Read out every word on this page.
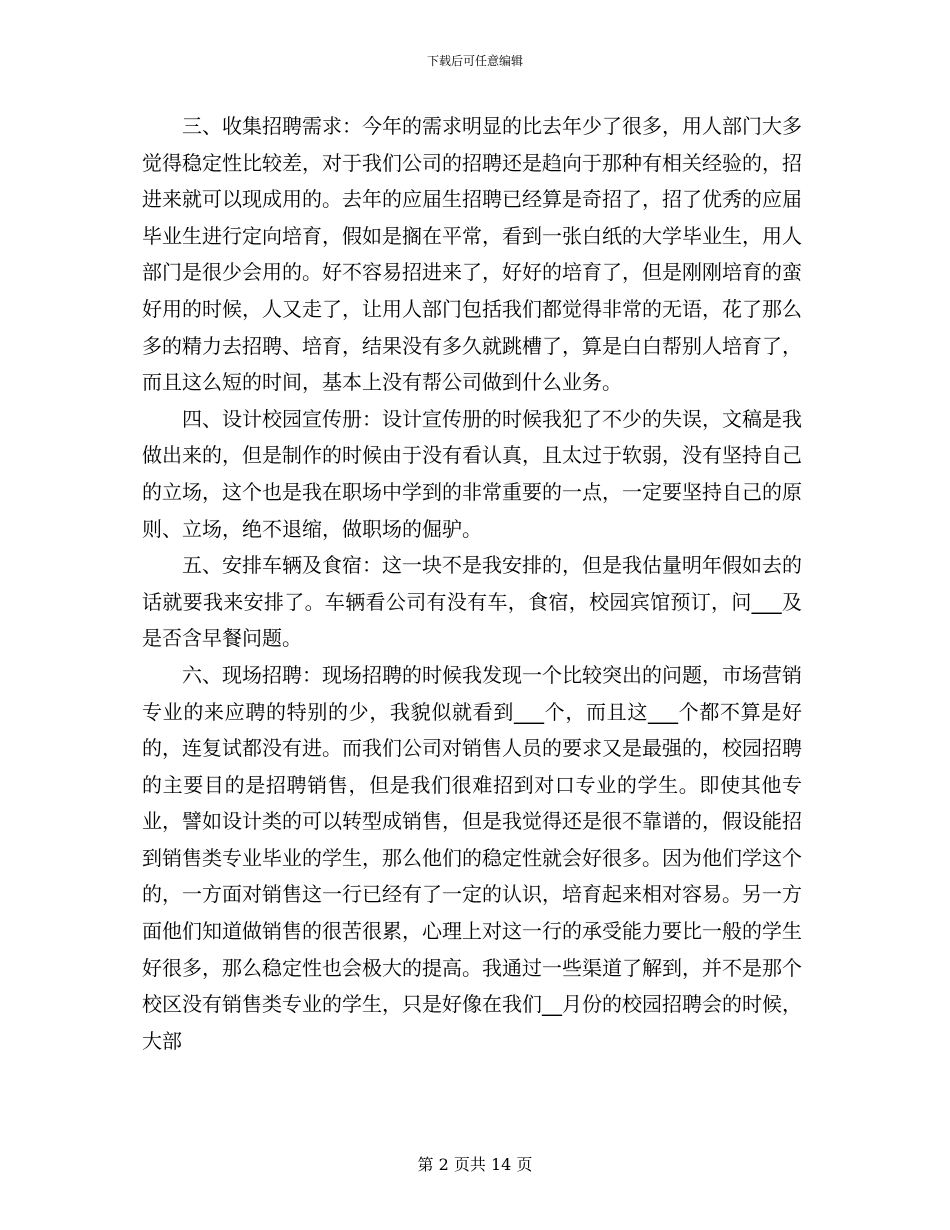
下载后可任意编辑

三、收集招聘需求：今年的需求明显的比去年少了很多，用人部门大多觉得稳定性比较差，对于我们公司的招聘还是趋向于那种有相关经验的，招进来就可以现成用的。去年的应届生招聘已经算是奇招了，招了优秀的应届毕业生进行定向培育，假如是搁在平常，看到一张白纸的大学毕业生，用人部门是很少会用的。好不容易招进来了，好好的培育了，但是刚刚培育的蛮好用的时候，人又走了，让用人部门包括我们都觉得非常的无语，花了那么多的精力去招聘、培育，结果没有多久就跳槽了，算是白白帮别人培育了，而且这么短的时间，基本上没有帮公司做到什么业务。

四、设计校园宣传册：设计宣传册的时候我犯了不少的失误，文稿是我做出来的，但是制作的时候由于没有看认真，且太过于软弱，没有坚持自己的立场，这个也是我在职场中学到的非常重要的一点，一定要坚持自己的原则、立场，绝不退缩，做职场的倔驴。

五、安排车辆及食宿：这一块不是我安排的，但是我估量明年假如去的话就要我来安排了。车辆看公司有没有车，食宿，校园宾馆预订，问___及是否含早餐问题。

六、现场招聘：现场招聘的时候我发现一个比较突出的问题，市场营销专业的来应聘的特别的少，我貌似就看到___个，而且这___个都不算是好的，连复试都没有进。而我们公司对销售人员的要求又是最强的，校园招聘的主要目的是招聘销售，但是我们很难招到对口专业的学生。即使其他专业，譬如设计类的可以转型成销售，但是我觉得还是很不靠谱的，假设能招到销售类专业毕业的学生，那么他们的稳定性就会好很多。因为他们学这个的，一方面对销售这一行已经有了一定的认识，培育起来相对容易。另一方面他们知道做销售的很苦很累，心理上对这一行的承受能力要比一般的学生好很多，那么稳定性也会极大的提高。我通过一些渠道了解到，并不是那个校区没有销售类专业的学生，只是好像在我们__月份的校园招聘会的时候，大部

第 2 页共 14 页
